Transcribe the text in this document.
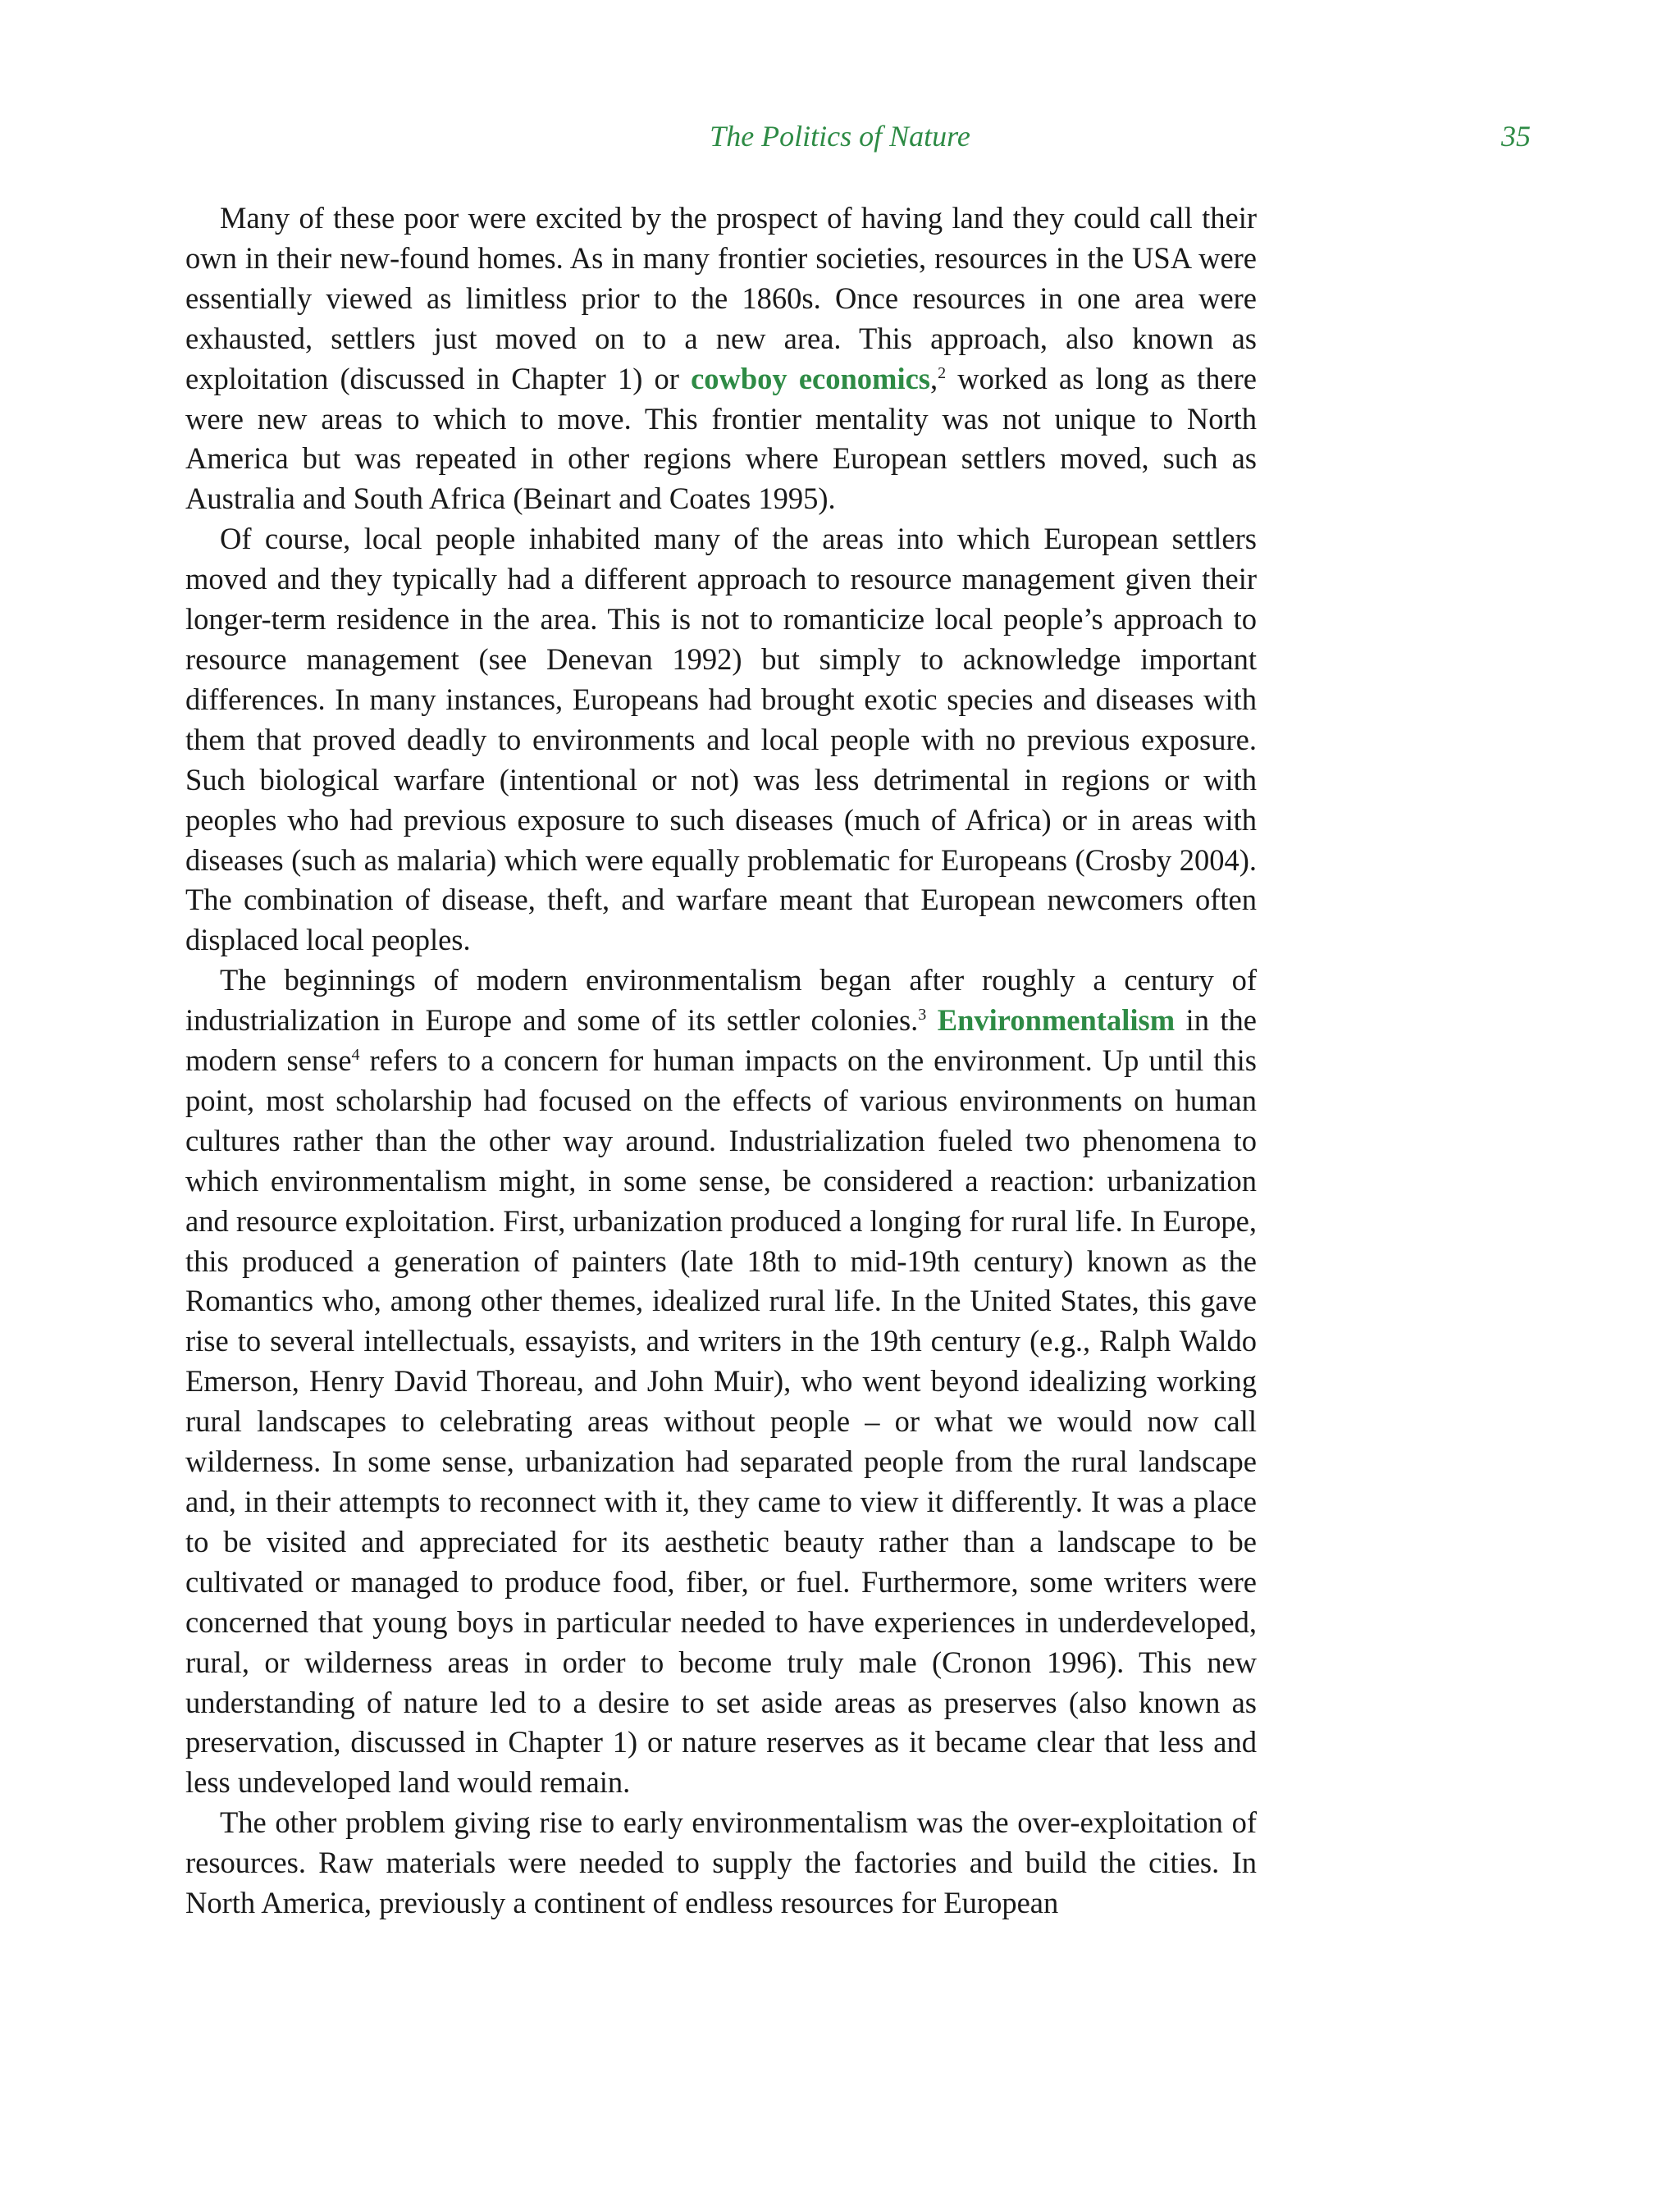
The Politics of Nature	35

Many of these poor were excited by the prospect of having land they could call their own in their new-found homes. As in many frontier societies, resources in the USA were essentially viewed as limitless prior to the 1860s. Once resources in one area were exhausted, settlers just moved on to a new area. This approach, also known as exploitation (discussed in Chapter 1) or cowboy economics,$^2$ worked as long as there were new areas to which to move. This frontier mentality was not unique to North America but was repeated in other regions where European settlers moved, such as Australia and South Africa (Beinart and Coates 1995).

Of course, local people inhabited many of the areas into which European settlers moved and they typically had a different approach to resource management given their longer-term residence in the area. This is not to romanticize local people’s approach to resource management (see Denevan 1992) but simply to acknowledge important differences. In many instances, Europeans had brought exotic species and diseases with them that proved deadly to environments and local people with no previous exposure. Such biological warfare (intentional or not) was less detrimental in regions or with peoples who had previous exposure to such diseases (much of Africa) or in areas with diseases (such as malaria) which were equally problematic for Europeans (Crosby 2004). The combination of disease, theft, and warfare meant that European newcomers often displaced local peoples.

The beginnings of modern environmentalism began after roughly a century of industrialization in Europe and some of its settler colonies.$^3$ Environmentalism in the modern sense$^4$ refers to a concern for human impacts on the environment. Up until this point, most scholarship had focused on the effects of various environments on human cultures rather than the other way around. Industrialization fueled two phenomena to which environmentalism might, in some sense, be considered a reaction: urbanization and resource exploitation. First, urbanization produced a longing for rural life. In Europe, this produced a generation of painters (late 18th to mid-19th century) known as the Romantics who, among other themes, idealized rural life. In the United States, this gave rise to several intellectuals, essayists, and writers in the 19th century (e.g., Ralph Waldo Emerson, Henry David Thoreau, and John Muir), who went beyond idealizing working rural landscapes to celebrating areas without people – or what we would now call wilderness. In some sense, urbanization had separated people from the rural landscape and, in their attempts to reconnect with it, they came to view it differently. It was a place to be visited and appreciated for its aesthetic beauty rather than a landscape to be cultivated or managed to produce food, fiber, or fuel. Furthermore, some writers were concerned that young boys in particular needed to have experiences in underdeveloped, rural, or wilderness areas in order to become truly male (Cronon 1996). This new understanding of nature led to a desire to set aside areas as preserves (also known as preservation, discussed in Chapter 1) or nature reserves as it became clear that less and less undeveloped land would remain.

The other problem giving rise to early environmentalism was the over-exploitation of resources. Raw materials were needed to supply the factories and build the cities. In North America, previously a continent of endless resources for European
